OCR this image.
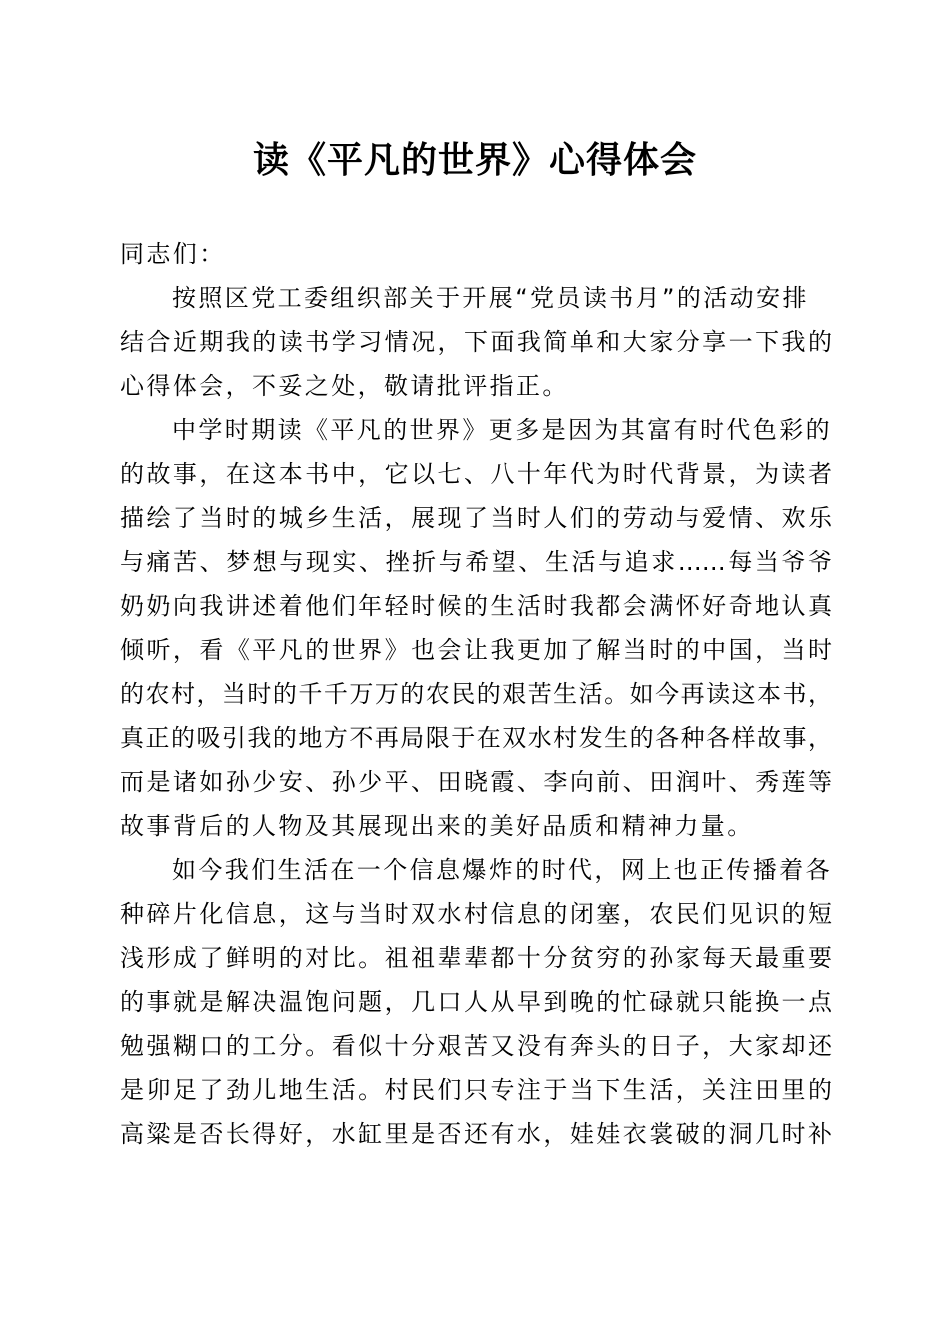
读《平凡的世界》心得体会
同志们：
按照区党工委组织部关于开展“党员读书月”的活动安排
结合近期我的读书学习情况，下面我简单和大家分享一下我的
心得体会，不妥之处，敬请批评指正。
中学时期读《平凡的世界》更多是因为其富有时代色彩的
的故事，在这本书中，它以七、八十年代为时代背景，为读者
描绘了当时的城乡生活，展现了当时人们的劳动与爱情、欢乐
与痛苦、梦想与现实、挫折与希望、生活与追求……每当爷爷
奶奶向我讲述着他们年轻时候的生活时我都会满怀好奇地认真
倾听，看《平凡的世界》也会让我更加了解当时的中国，当时
的农村，当时的千千万万的农民的艰苦生活。如今再读这本书，
真正的吸引我的地方不再局限于在双水村发生的各种各样故事，
而是诸如孙少安、孙少平、田晓霞、李向前、田润叶、秀莲等
故事背后的人物及其展现出来的美好品质和精神力量。
如今我们生活在一个信息爆炸的时代，网上也正传播着各
种碎片化信息，这与当时双水村信息的闭塞，农民们见识的短
浅形成了鲜明的对比。祖祖辈辈都十分贫穷的孙家每天最重要
的事就是解决温饱问题，几口人从早到晚的忙碌就只能换一点
勉强糊口的工分。看似十分艰苦又没有奔头的日子，大家却还
是卯足了劲儿地生活。村民们只专注于当下生活，关注田里的
高粱是否长得好，水缸里是否还有水，娃娃衣裳破的洞几时补
